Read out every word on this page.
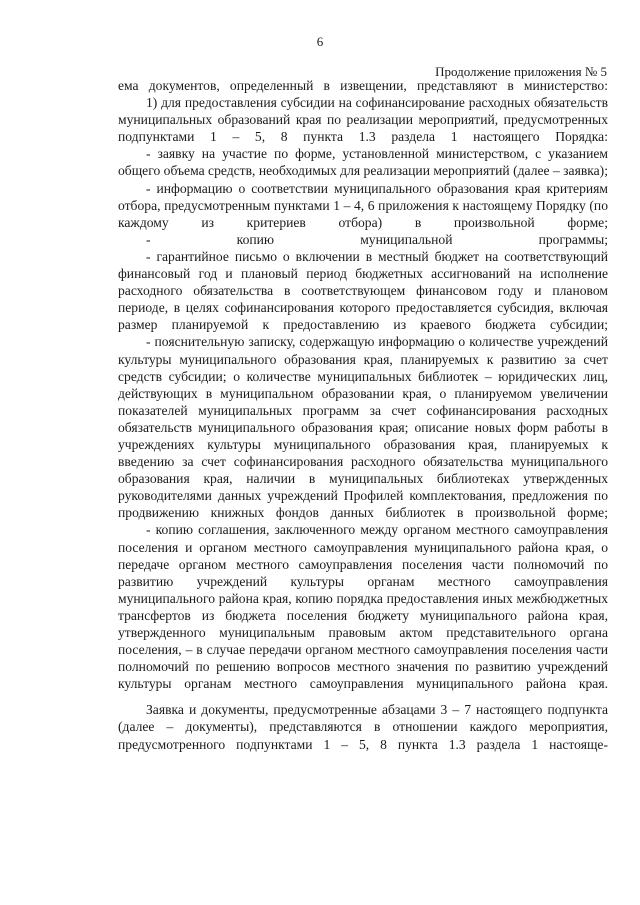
6
Продолжение приложения № 5

ема документов, определенный в извещении, представляют в министерство:

1) для предоставления субсидии на софинансирование расходных обязательств муниципальных образований края по реализации мероприятий, предусмотренных подпунктами 1 – 5, 8 пункта 1.3 раздела 1 настоящего Порядка:

- заявку на участие по форме, установленной министерством, с указанием общего объема средств, необходимых для реализации мероприятий (далее – заявка);

- информацию о соответствии муниципального образования края критериям отбора, предусмотренным пунктами 1 – 4, 6 приложения к настоящему Порядку (по каждому из критериев отбора) в произвольной форме;

- копию муниципальной программы;

- гарантийное письмо о включении в местный бюджет на соответствующий финансовый год и плановый период бюджетных ассигнований на исполнение расходного обязательства в соответствующем финансовом году и плановом периоде, в целях софинансирования которого предоставляется субсидия, включая размер планируемой к предоставлению из краевого бюджета субсидии;

- пояснительную записку, содержащую информацию о количестве учреждений культуры муниципального образования края, планируемых к развитию за счет средств субсидии; о количестве муниципальных библиотек – юридических лиц, действующих в муниципальном образовании края, о планируемом увеличении показателей муниципальных программ за счет софинансирования расходных обязательств муниципального образования края; описание новых форм работы в учреждениях культуры муниципального образования края, планируемых к введению за счет софинансирования расходного обязательства муниципального образования края, наличии в муниципальных библиотеках утвержденных руководителями данных учреждений Профилей комплектования, предложения по продвижению книжных фондов данных библиотек в произвольной форме;

- копию соглашения, заключенного между органом местного самоуправления поселения и органом местного самоуправления муниципального района края, о передаче органом местного самоуправления поселения части полномочий по развитию учреждений культуры органам местного самоуправления муниципального района края, копию порядка предоставления иных межбюджетных трансфертов из бюджета поселения бюджету муниципального района края, утвержденного муниципальным правовым актом представительного органа поселения, – в случае передачи органом местного самоуправления поселения части полномочий по решению вопросов местного значения по развитию учреждений культуры органам местного самоуправления муниципального района края.

Заявка и документы, предусмотренные абзацами 3 – 7 настоящего подпункта (далее – документы), представляются в отношении каждого мероприятия, предусмотренного подпунктами 1 – 5, 8 пункта 1.3 раздела 1 настояще-
